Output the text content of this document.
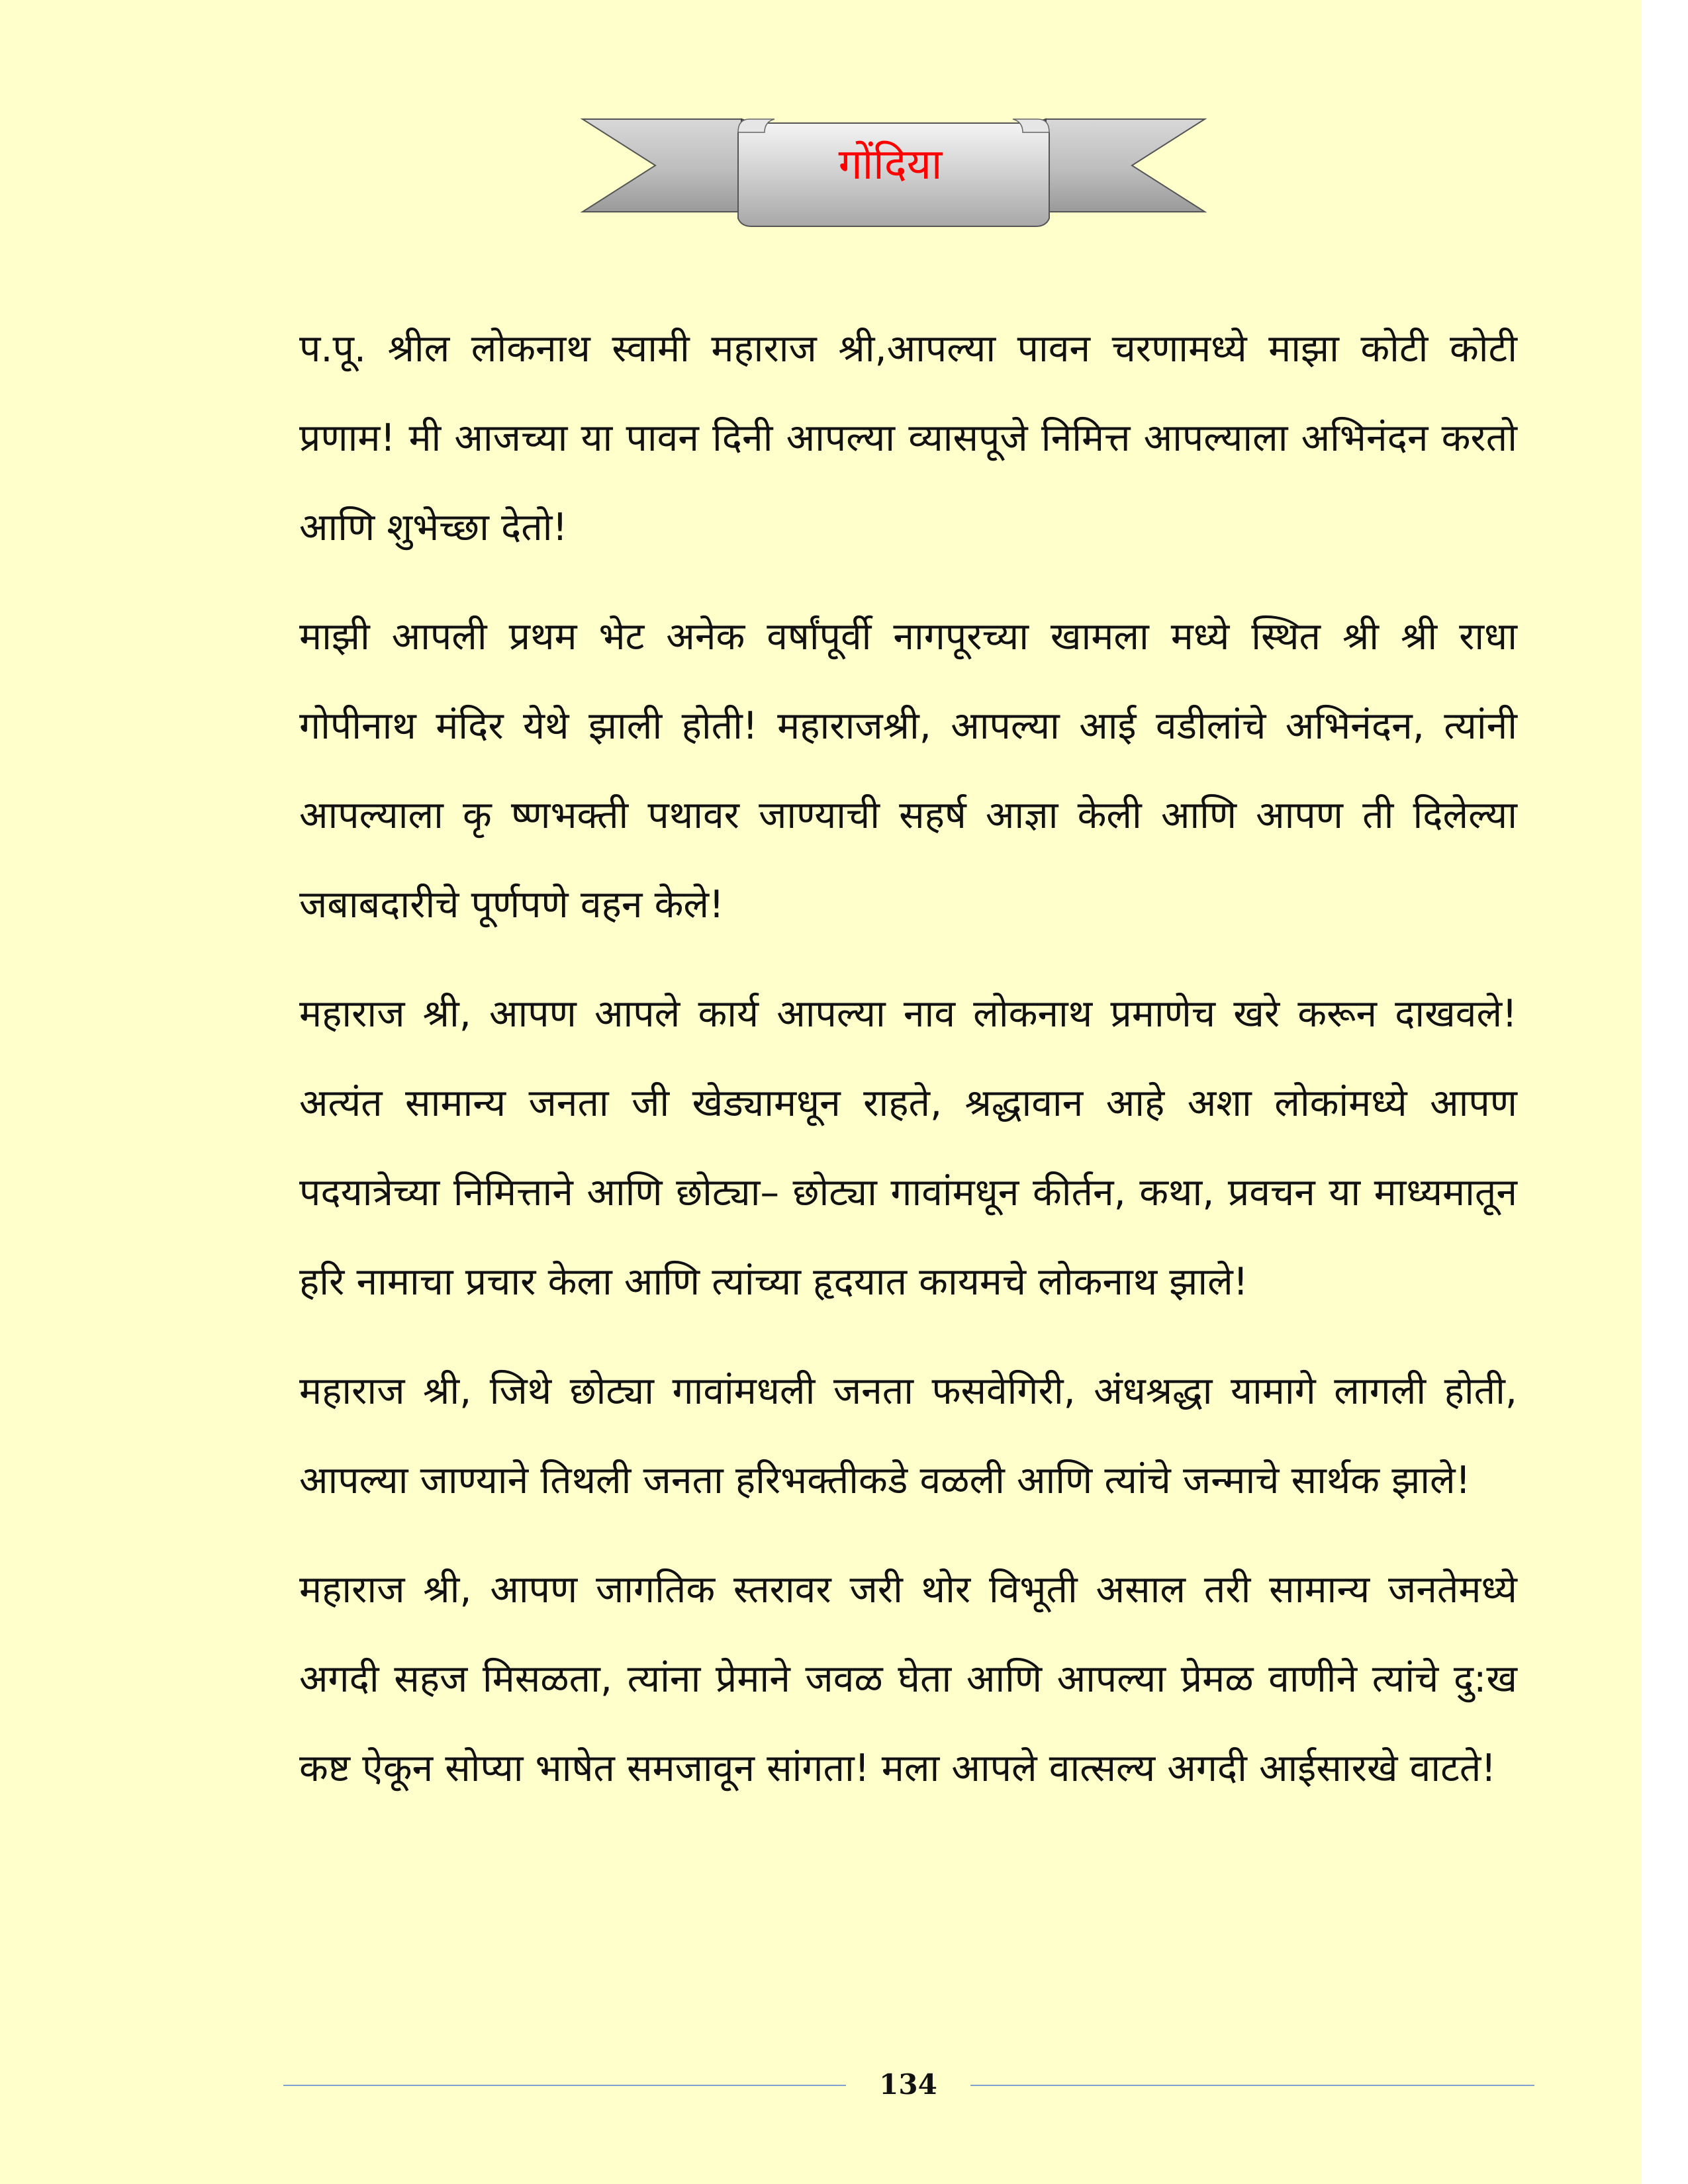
गोंदिया

प.पू. श्रील लोकनाथ स्वामी महाराज श्री,आपल्या पावन चरणामध्ये माझा कोटी कोटी प्रणाम! मी आजच्या या पावन दिनी आपल्या व्यासपूजे निमित्त आपल्याला अभिनंदन करतो आणि शुभेच्छा देतो!

माझी आपली प्रथम भेट अनेक वर्षांपूर्वी नागपूरच्या खामला मध्ये स्थित श्री श्री राधा गोपीनाथ मंदिर येथे झाली होती! महाराजश्री, आपल्या आई वडीलांचे अभिनंदन, त्यांनी आपल्याला कृ ष्णभक्ती पथावर जाण्याची सहर्ष आज्ञा केली आणि आपण ती दिलेल्या जबाबदारीचे पूर्णपणे वहन केले!

महाराज श्री, आपण आपले कार्य आपल्या नाव लोकनाथ प्रमाणेच खरे करून दाखवले! अत्यंत सामान्य जनता जी खेड्यामधून राहते, श्रद्धावान आहे अशा लोकांमध्ये आपण पदयात्रेच्या निमित्ताने आणि छोट्या– छोट्या गावांमधून कीर्तन, कथा, प्रवचन या माध्यमातून हरि नामाचा प्रचार केला आणि त्यांच्या हृदयात कायमचे लोकनाथ झाले!

महाराज श्री, जिथे छोट्या गावांमधली जनता फसवेगिरी, अंधश्रद्धा यामागे लागली होती, आपल्या जाण्याने तिथली जनता हरिभक्तीकडे वळली आणि त्यांचे जन्माचे सार्थक झाले!

महाराज श्री, आपण जागतिक स्तरावर जरी थोर विभूती असाल तरी सामान्य जनतेमध्ये अगदी सहज मिसळता, त्यांना प्रेमाने जवळ घेता आणि आपल्या प्रेमळ वाणीने त्यांचे दु:ख कष्ट ऐकून सोप्या भाषेत समजावून सांगता! मला आपले वात्सल्य अगदी आईसारखे वाटते!

134
